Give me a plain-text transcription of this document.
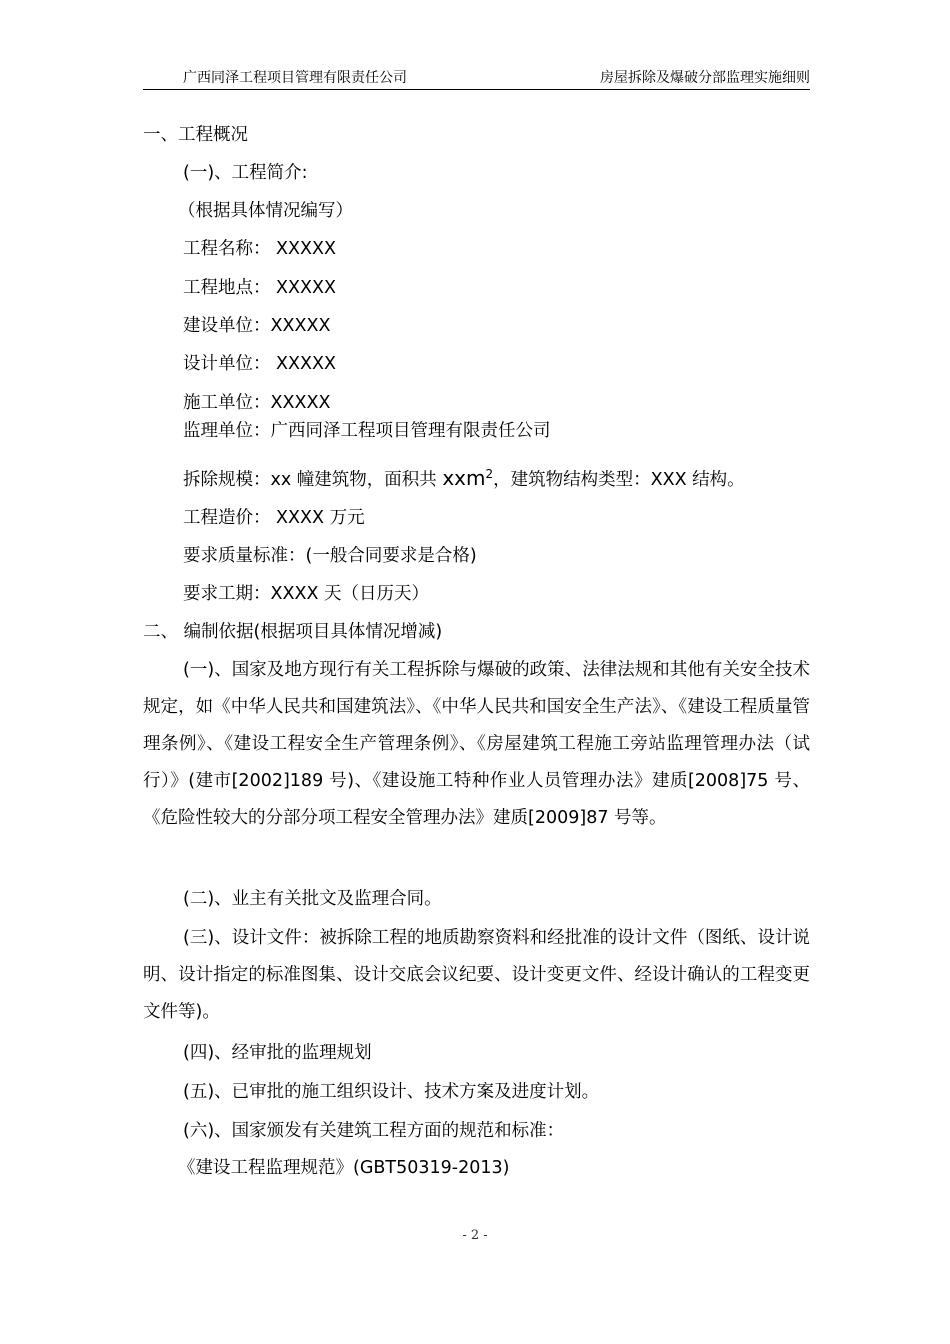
广西同泽工程项目管理有限责任公司	房屋拆除及爆破分部监理实施细则
一、工程概况
(一)、工程简介:
（根据具体情况编写）
工程名称： XXXXX
工程地点： XXXXX
建设单位：XXXXX
设计单位： XXXXX
施工单位：XXXXX
监理单位：广西同泽工程项目管理有限责任公司
拆除规模：xx 幢建筑物，面积共 xxm$^2$，建筑物结构类型：XXX 结构。
工程造价： XXXX 万元
要求质量标准：(一般合同要求是合格)
要求工期：XXXX 天（日历天）
二、 编制依据(根据项目具体情况增减)
(一)、国家及地方现行有关工程拆除与爆破的政策、法律法规和其他有关安全技术规定，如《中华人民共和国建筑法》、《中华人民共和国安全生产法》、《建设工程质量管理条例》、《建设工程安全生产管理条例》、《房屋建筑工程施工旁站监理管理办法（试行）》(建市[2002]189 号)、《建设施工特种作业人员管理办法》建质[2008]75 号、《危险性较大的分部分项工程安全管理办法》建质[2009]87 号等。
(二)、业主有关批文及监理合同。
(三)、设计文件：被拆除工程的地质勘察资料和经批准的设计文件（图纸、设计说明、设计指定的标准图集、设计交底会议纪要、设计变更文件、经设计确认的工程变更文件等)。
(四)、经审批的监理规划
(五)、已审批的施工组织设计、技术方案及进度计划。
(六)、国家颁发有关建筑工程方面的规范和标准：
《建设工程监理规范》(GBT50319-2013)
- 2 -
